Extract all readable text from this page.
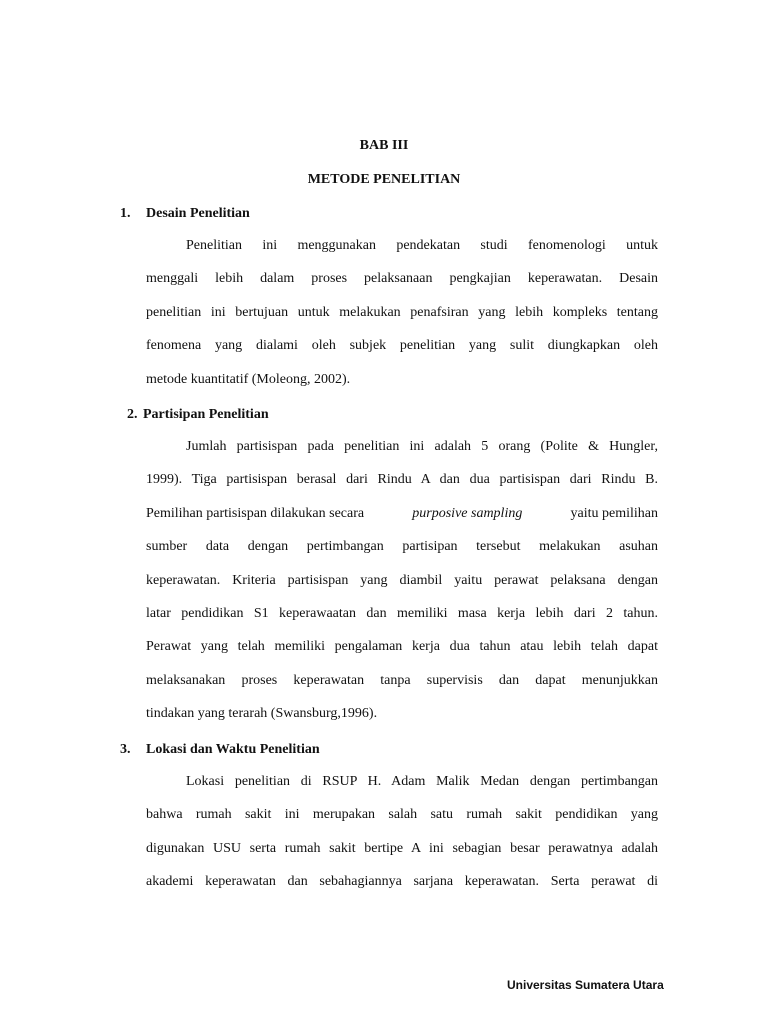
BAB III
METODE PENELITIAN
1. Desain Penelitian
Penelitian ini menggunakan pendekatan studi fenomenologi untuk
menggali lebih dalam proses pelaksanaan pengkajian keperawatan. Desain
penelitian ini bertujuan untuk melakukan penafsiran yang lebih kompleks tentang
fenomena yang dialami oleh subjek penelitian yang sulit diungkapkan oleh
metode kuantitatif (Moleong, 2002).
2. Partisipan Penelitian
Jumlah partisispan pada penelitian ini adalah 5 orang (Polite & Hungler,
1999). Tiga partisispan berasal dari Rindu A dan dua partisispan dari Rindu B.
Pemilihan partisispan dilakukan secara	purposive sampling	yaitu pemilihan
sumber data dengan pertimbangan partisipan tersebut melakukan asuhan
keperawatan. Kriteria partisispan yang diambil yaitu perawat pelaksana dengan
latar pendidikan S1 keperawaatan dan memiliki masa kerja lebih dari 2 tahun.
Perawat yang telah memiliki pengalaman kerja dua tahun atau lebih telah dapat
melaksanakan proses keperawatan tanpa supervisis dan dapat menunjukkan
tindakan yang terarah (Swansburg,1996).
3. Lokasi dan Waktu Penelitian
Lokasi penelitian di RSUP H. Adam Malik Medan dengan pertimbangan
bahwa rumah sakit ini merupakan salah satu rumah sakit pendidikan yang
digunakan USU serta rumah sakit bertipe A ini sebagian besar perawatnya adalah
akademi keperawatan dan sebahagiannya sarjana keperawatan. Serta perawat di
Universitas Sumatera Utara
